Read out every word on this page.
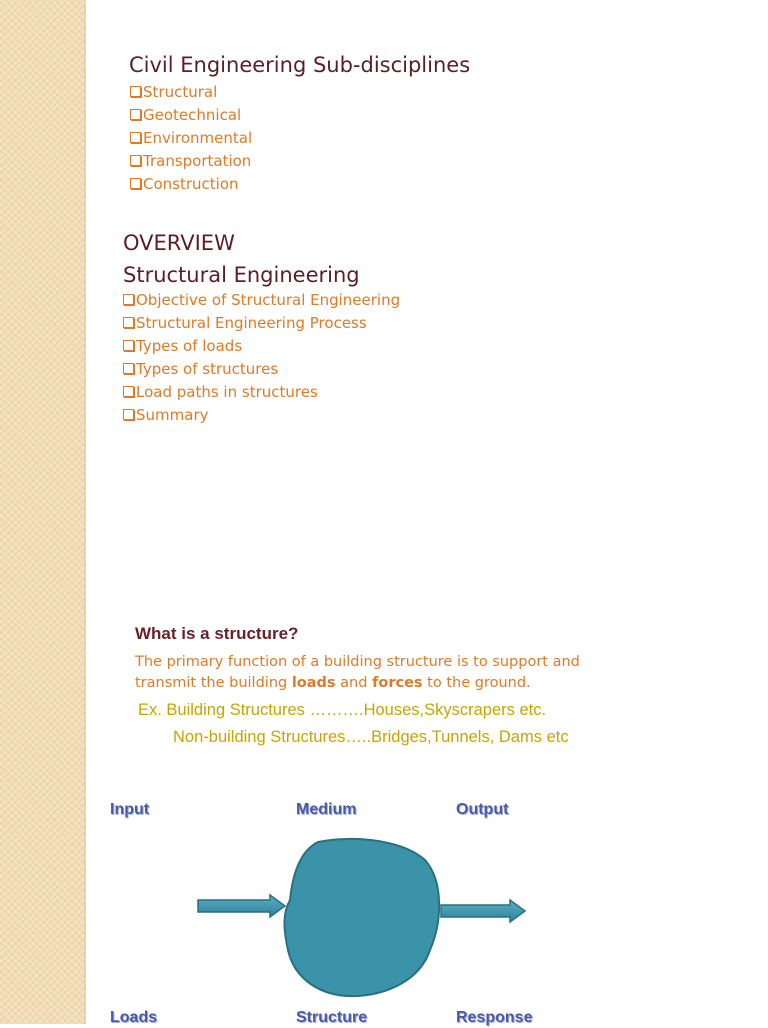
Civil Engineering Sub-disciplines
Structural
Geotechnical
Environmental
Transportation
Construction
OVERVIEW
Structural Engineering
Objective of Structural Engineering
Structural Engineering Process
Types of loads
Types of structures
Load paths in structures
Summary
What is a structure?
The primary function of a building structure is to support and
transmit the building loads and forces to the ground.
Ex. Building Structures ……….Houses,Skyscrapers etc.
Non-building Structures…..Bridges,Tunnels, Dams etc
Input	Medium	Output
Loads	Structure	Response
